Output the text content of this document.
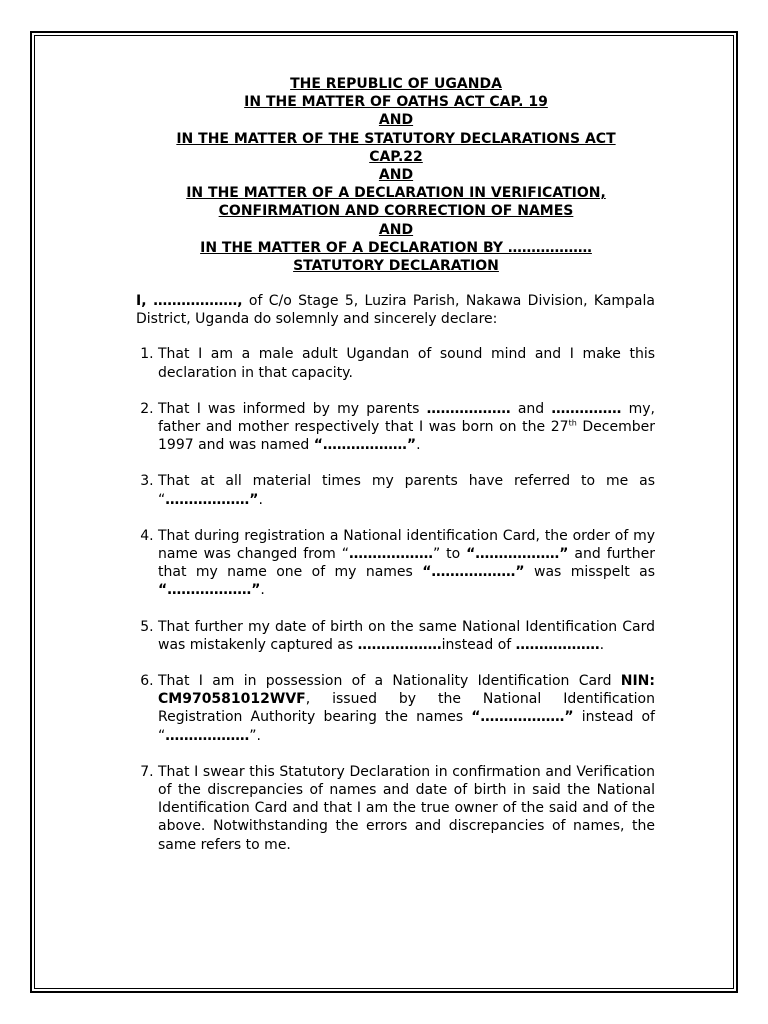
THE REPUBLIC OF UGANDA
IN THE MATTER OF OATHS ACT CAP. 19
AND
IN THE MATTER OF THE STATUTORY DECLARATIONS ACT
CAP.22
AND
IN THE MATTER OF A DECLARATION IN VERIFICATION,
CONFIRMATION AND CORRECTION OF NAMES
AND
IN THE MATTER OF A DECLARATION BY ………………
STATUTORY DECLARATION

I, ………………, of C/o Stage 5, Luzira Parish, Nakawa Division, Kampala District, Uganda do solemnly and sincerely declare:

1. That I am a male adult Ugandan of sound mind and I make this declaration in that capacity.
2. That I was informed by my parents ……………… and …………… my, father and mother respectively that I was born on the 27th December 1997 and was named “………………”.
3. That at all material times my parents have referred to me as “………………”.
4. That during registration a National identification Card, the order of my name was changed from “………………” to “………………” and further that my name one of my names “………………” was misspelt as “………………”.
5. That further my date of birth on the same National Identification Card was mistakenly captured as ………………instead of ……………….
6. That I am in possession of a Nationality Identification Card NIN: CM970581012WVF, issued by the National Identification Registration Authority bearing the names “………………” instead of “………………”.
7. That I swear this Statutory Declaration in confirmation and Verification of the discrepancies of names and date of birth in said the National Identification Card and that I am the true owner of the said and of the above. Notwithstanding the errors and discrepancies of names, the same refers to me.
